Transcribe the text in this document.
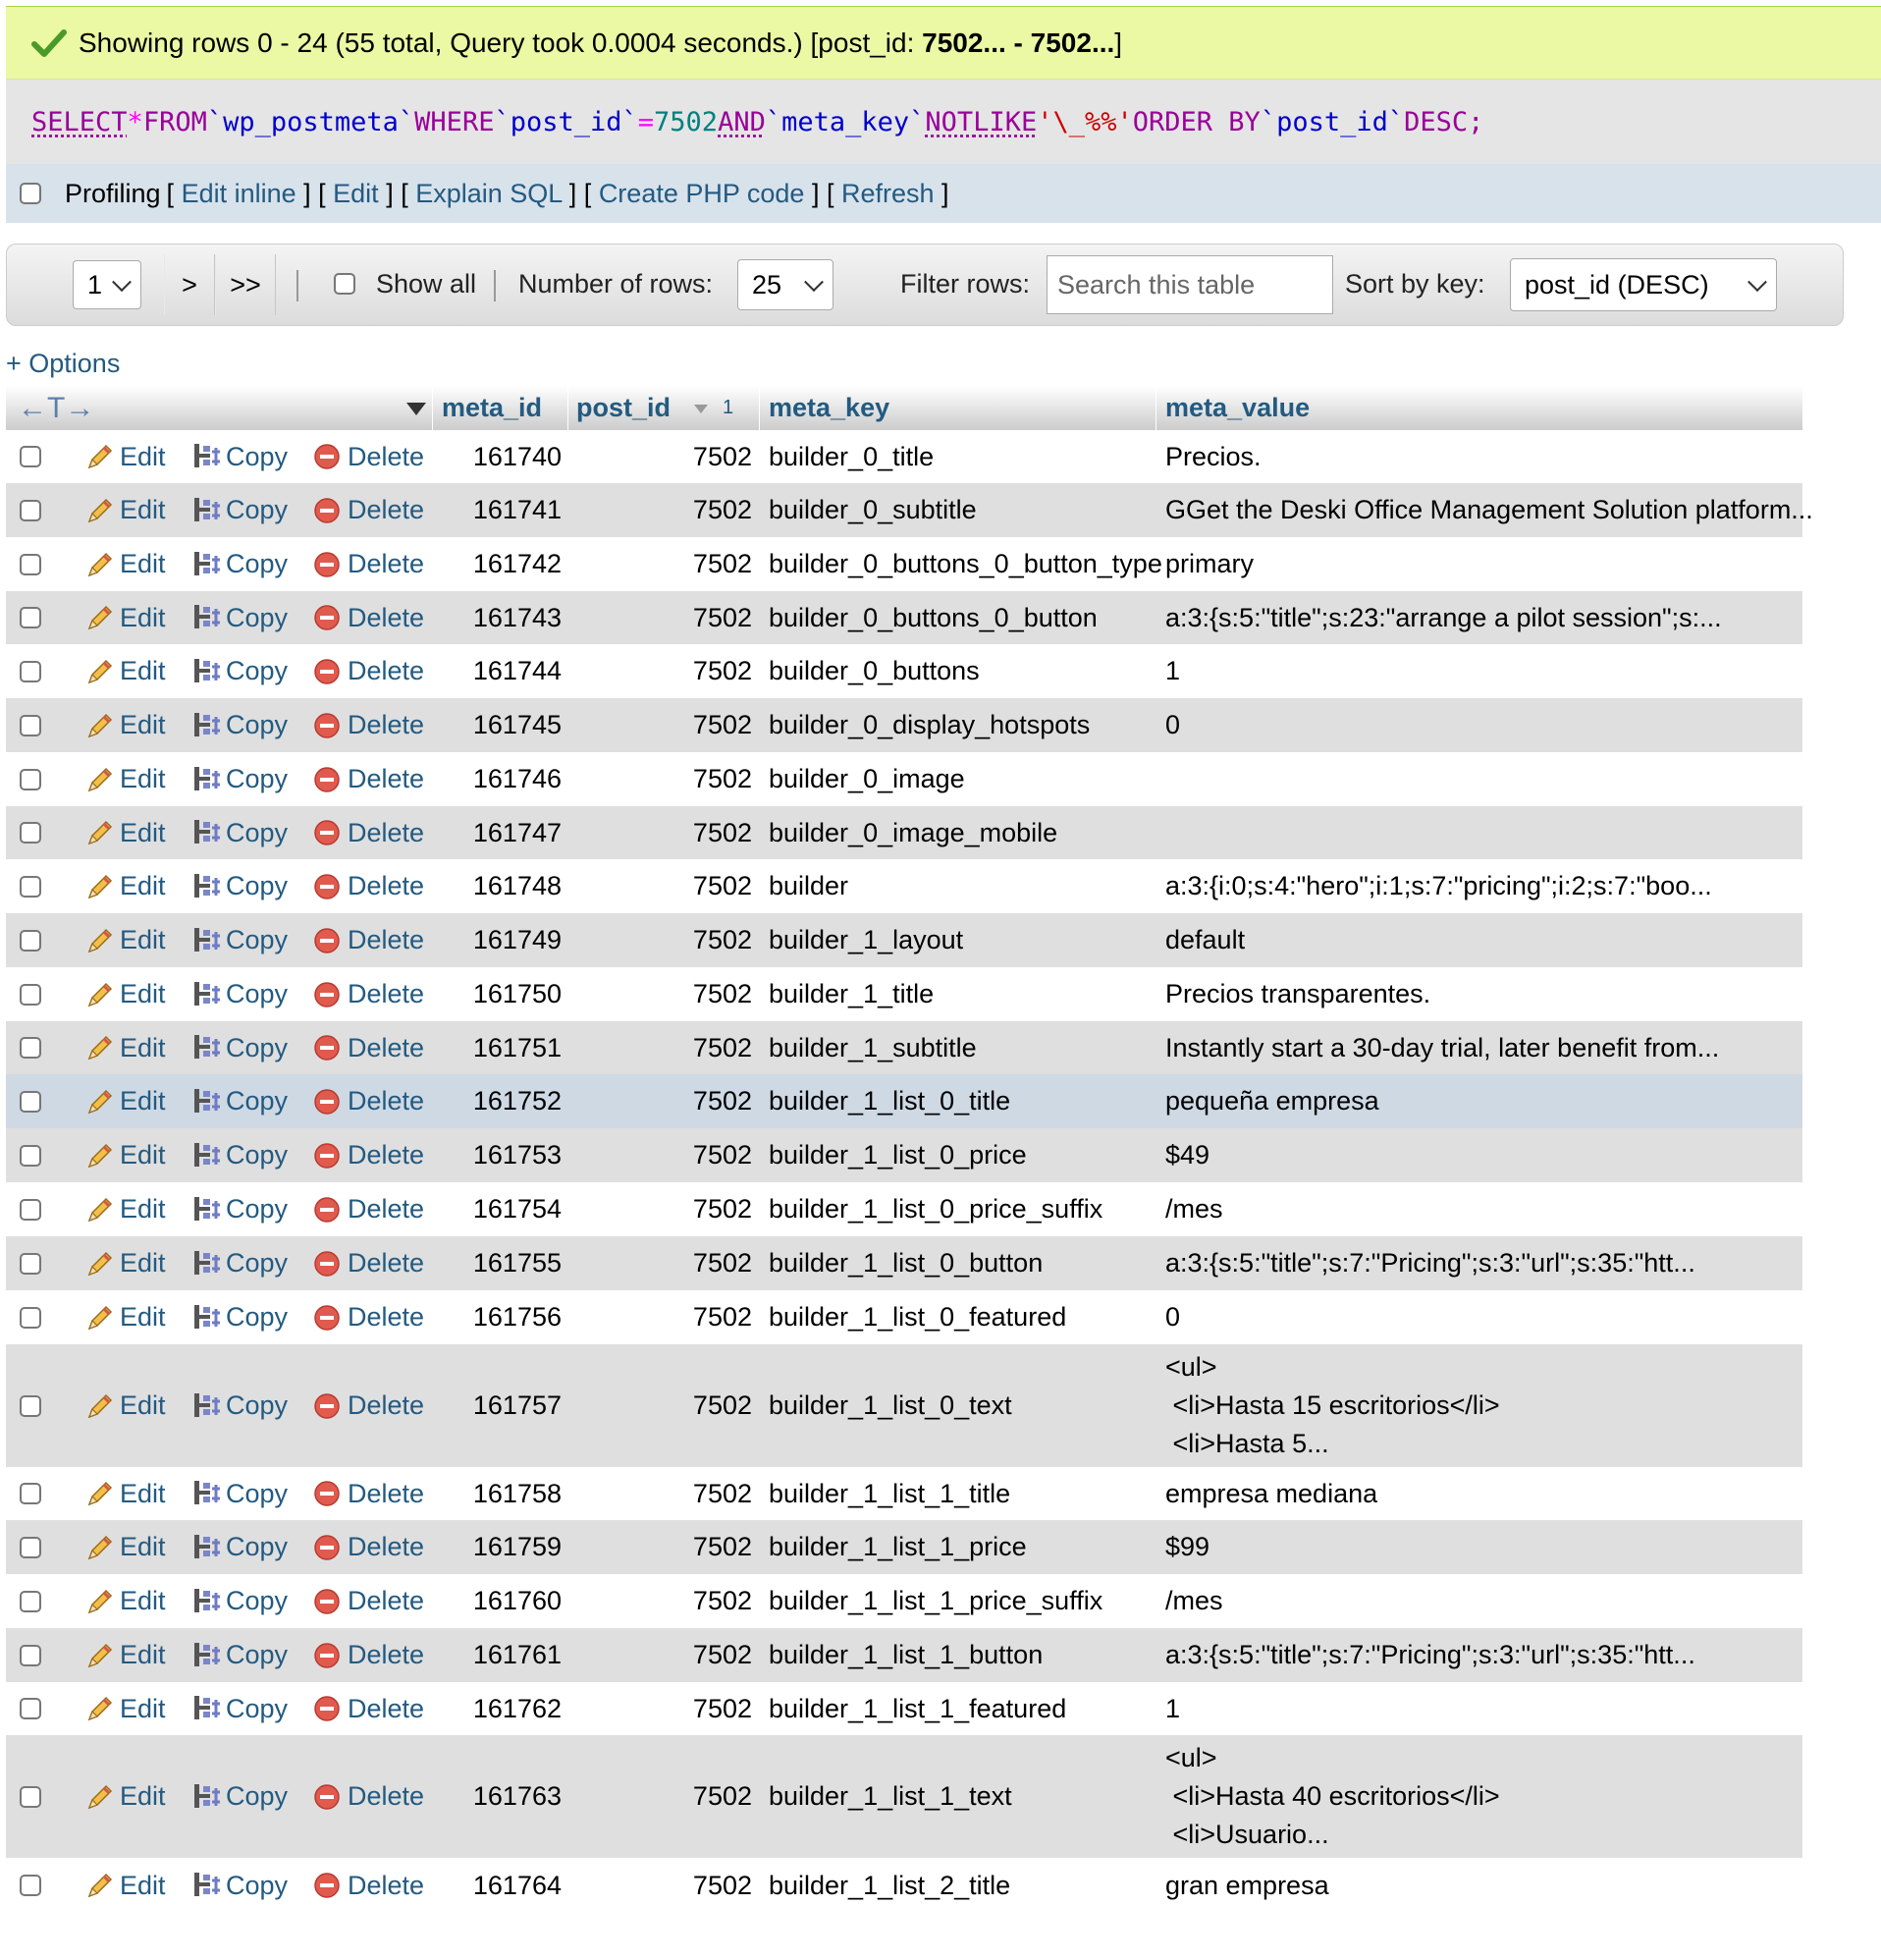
Showing rows 0 - 24 (55 total, Query took 0.0004 seconds.) [post_id: 7502... - 7502...]
SELECT * FROM `wp_postmeta` WHERE `post_id` = 7502 AND `meta_key` NOT LIKE '\_%%' ORDER BY `post_id` DESC;
Profiling [ Edit inline ] [ Edit ] [ Explain SQL ] [ Create PHP code ] [ Refresh ]
1	>	>>	Show all Number of rows: 25	Filter rows:	Search this table	Sort by key: post_id (DESC)
+ Options
←T→	meta_id post_id	1 meta_key	meta_value
Edit Copy Delete	161740	7502 builder_0_title	Precios.
Edit Copy Delete	161741	7502 builder_0_subtitle	GGet the Deski Office Management Solution platform...
Edit Copy Delete	161742	7502 builder_0_buttons_0_button_type primary
Edit Copy Delete	161743	7502 builder_0_buttons_0_button	a:3:{s:5:"title";s:23:"arrange a pilot session";s:...
Edit Copy Delete	161744	7502 builder_0_buttons	1
Edit Copy Delete	161745	7502 builder_0_display_hotspots	0
Edit Copy Delete	161746	7502 builder_0_image
Edit Copy Delete	161747	7502 builder_0_image_mobile
Edit Copy Delete	161748	7502 builder	a:3:{i:0;s:4:"hero";i:1;s:7:"pricing";i:2;s:7:"boo...
Edit Copy Delete	161749	7502 builder_1_layout	default
Edit Copy Delete	161750	7502 builder_1_title	Precios transparentes.
Edit Copy Delete	161751	7502 builder_1_subtitle	Instantly start a 30-day trial, later benefit from...
Edit Copy Delete	161752	7502 builder_1_list_0_title	pequeña empresa
Edit Copy Delete	161753	7502 builder_1_list_0_price	$49
Edit Copy Delete	161754	7502 builder_1_list_0_price_suffix /mes
Edit Copy Delete	161755	7502 builder_1_list_0_button	a:3:{s:5:"title";s:7:"Pricing";s:3:"url";s:35:"htt...
Edit Copy Delete	161756	7502 builder_1_list_0_featured	0
Edit Copy Delete	161757	7502 builder_1_list_0_text
<ul>
<li>Hasta 15 escritorios</li>
<li>Hasta 5...
Edit Copy Delete	161758	7502 builder_1_list_1_title	empresa mediana
Edit Copy Delete	161759	7502 builder_1_list_1_price	$99
Edit Copy Delete	161760	7502 builder_1_list_1_price_suffix /mes
Edit Copy Delete	161761	7502 builder_1_list_1_button	a:3:{s:5:"title";s:7:"Pricing";s:3:"url";s:35:"htt...
Edit Copy Delete	161762	7502 builder_1_list_1_featured	1
Edit Copy Delete	161763	7502 builder_1_list_1_text
<ul>
<li>Hasta 40 escritorios</li>
<li>Usuario...
Edit Copy Delete	161764	7502 builder_1_list_2_title	gran empresa
